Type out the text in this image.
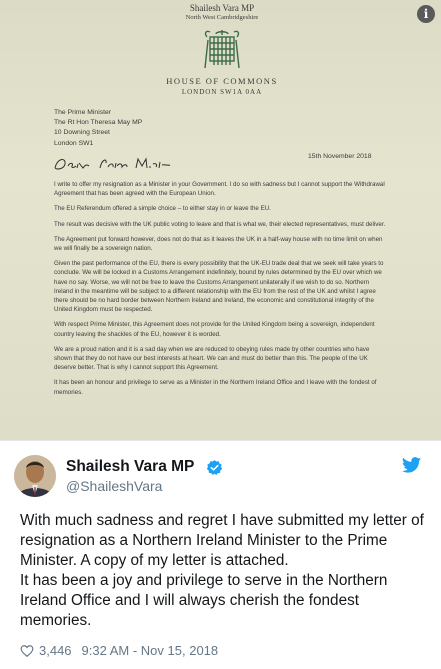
Shailesh Vara MP
North West Cambridgeshire
HOUSE OF COMMONS
LONDON SW1A 0AA
The Prime Minister
The Rt Hon Theresa May MP
10 Downing Street
London SW1
15th November 2018

I write to offer my resignation as a Minister in your Government. I do so with sadness but I cannot support the Withdrawal Agreement that has been agreed with the European Union.

The EU Referendum offered a simple choice – to either stay in or leave the EU.

The result was decisive with the UK public voting to leave and that is what we, their elected representatives, must deliver.

The Agreement put forward however, does not do that as it leaves the UK in a half-way house with no time limit on when we will finally be a sovereign nation.

Given the past performance of the EU, there is every possibility that the UK-EU trade deal that we seek will take years to conclude. We will be locked in a Customs Arrangement indefinitely, bound by rules determined by the EU over which we have no say. Worse, we will not be free to leave the Customs Arrangement unilaterally if we wish to do so. Northern Ireland in the meantime will be subject to a different relationship with the EU from the rest of the UK and whilst I agree there should be no hard border between Northern Ireland and Ireland, the economic and constitutional integrity of the United Kingdom must be respected.

With respect Prime Minister, this Agreement does not provide for the United Kingdom being a sovereign, independent country leaving the shackles of the EU, however it is worded.

We are a proud nation and it is a sad day when we are reduced to obeying rules made by other countries who have shown that they do not have our best interests at heart. We can and must do better than this. The people of the UK deserve better. That is why I cannot support this Agreement.

It has been an honour and privilege to serve as a Minister in the Northern Ireland Office and I leave with the fondest of memories.

i
Shailesh Vara MP
@ShaileshVara
With much sadness and regret I have submitted my letter of resignation as a Northern Ireland Minister to the Prime Minister. A copy of my letter is attached.
It has been a joy and privilege to serve in the Northern Ireland Office and I will always cherish the fondest memories.
3,446 9:32 AM - Nov 15, 2018
